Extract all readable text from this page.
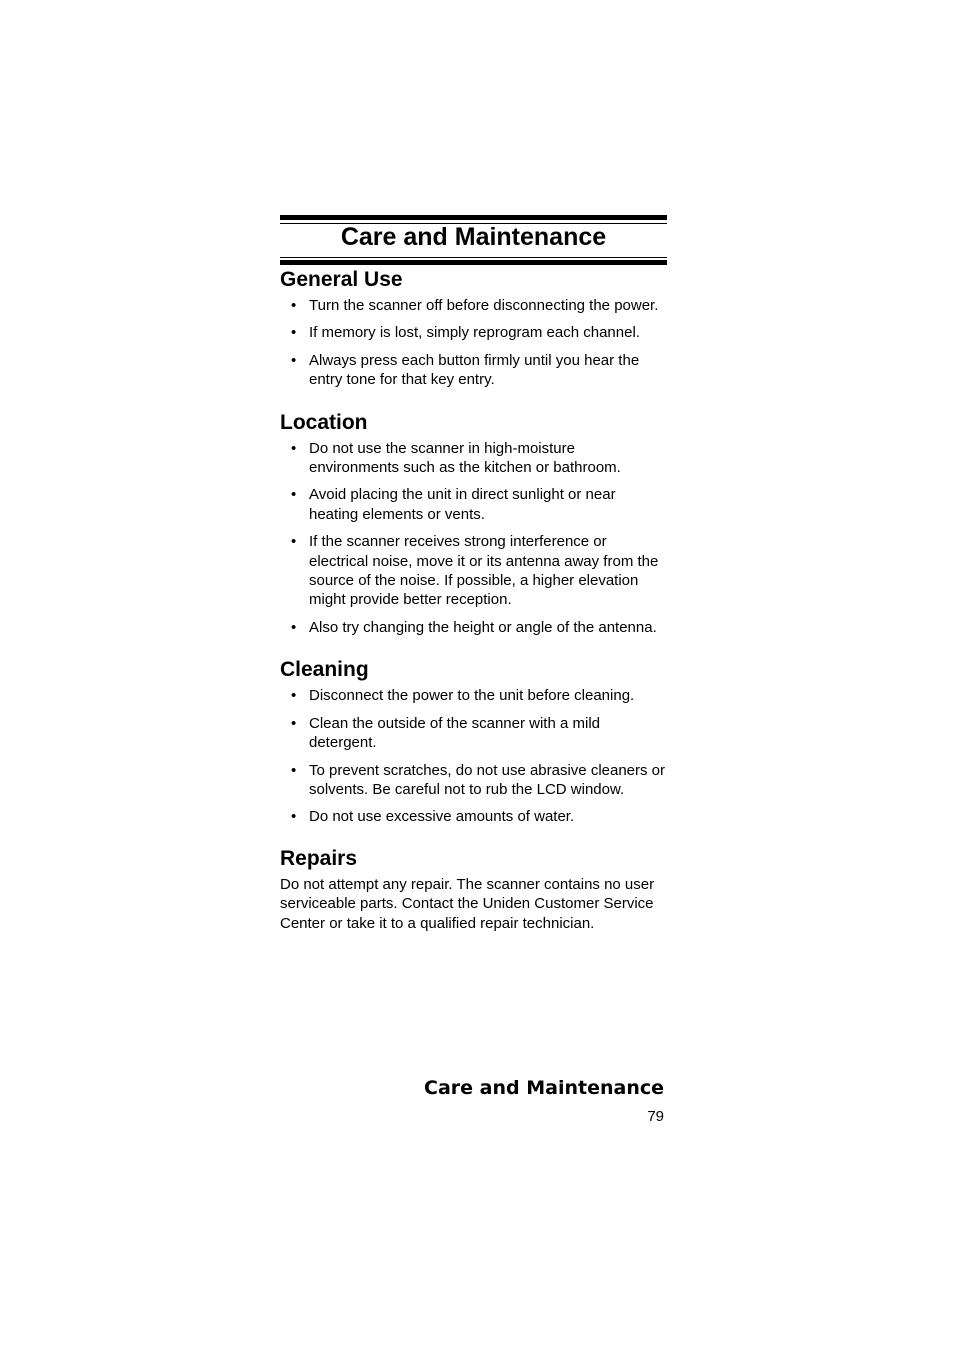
Care and Maintenance
General Use
• Turn the scanner off before disconnecting the power.
• If memory is lost, simply reprogram each channel.
• Always press each button firmly until you hear the entry tone for that key entry.
Location
• Do not use the scanner in high-moisture environments such as the kitchen or bathroom.
• Avoid placing the unit in direct sunlight or near heating elements or vents.
• If the scanner receives strong interference or electrical noise, move it or its antenna away from the source of the noise. If possible, a higher elevation might provide better reception.
• Also try changing the height or angle of the antenna.
Cleaning
• Disconnect the power to the unit before cleaning.
• Clean the outside of the scanner with a mild detergent.
• To prevent scratches, do not use abrasive cleaners or solvents. Be careful not to rub the LCD window.
• Do not use excessive amounts of water.
Repairs

Do not attempt any repair. The scanner contains no user serviceable parts. Contact the Uniden Customer Service Center or take it to a qualified repair technician.

Care and Maintenance

79
